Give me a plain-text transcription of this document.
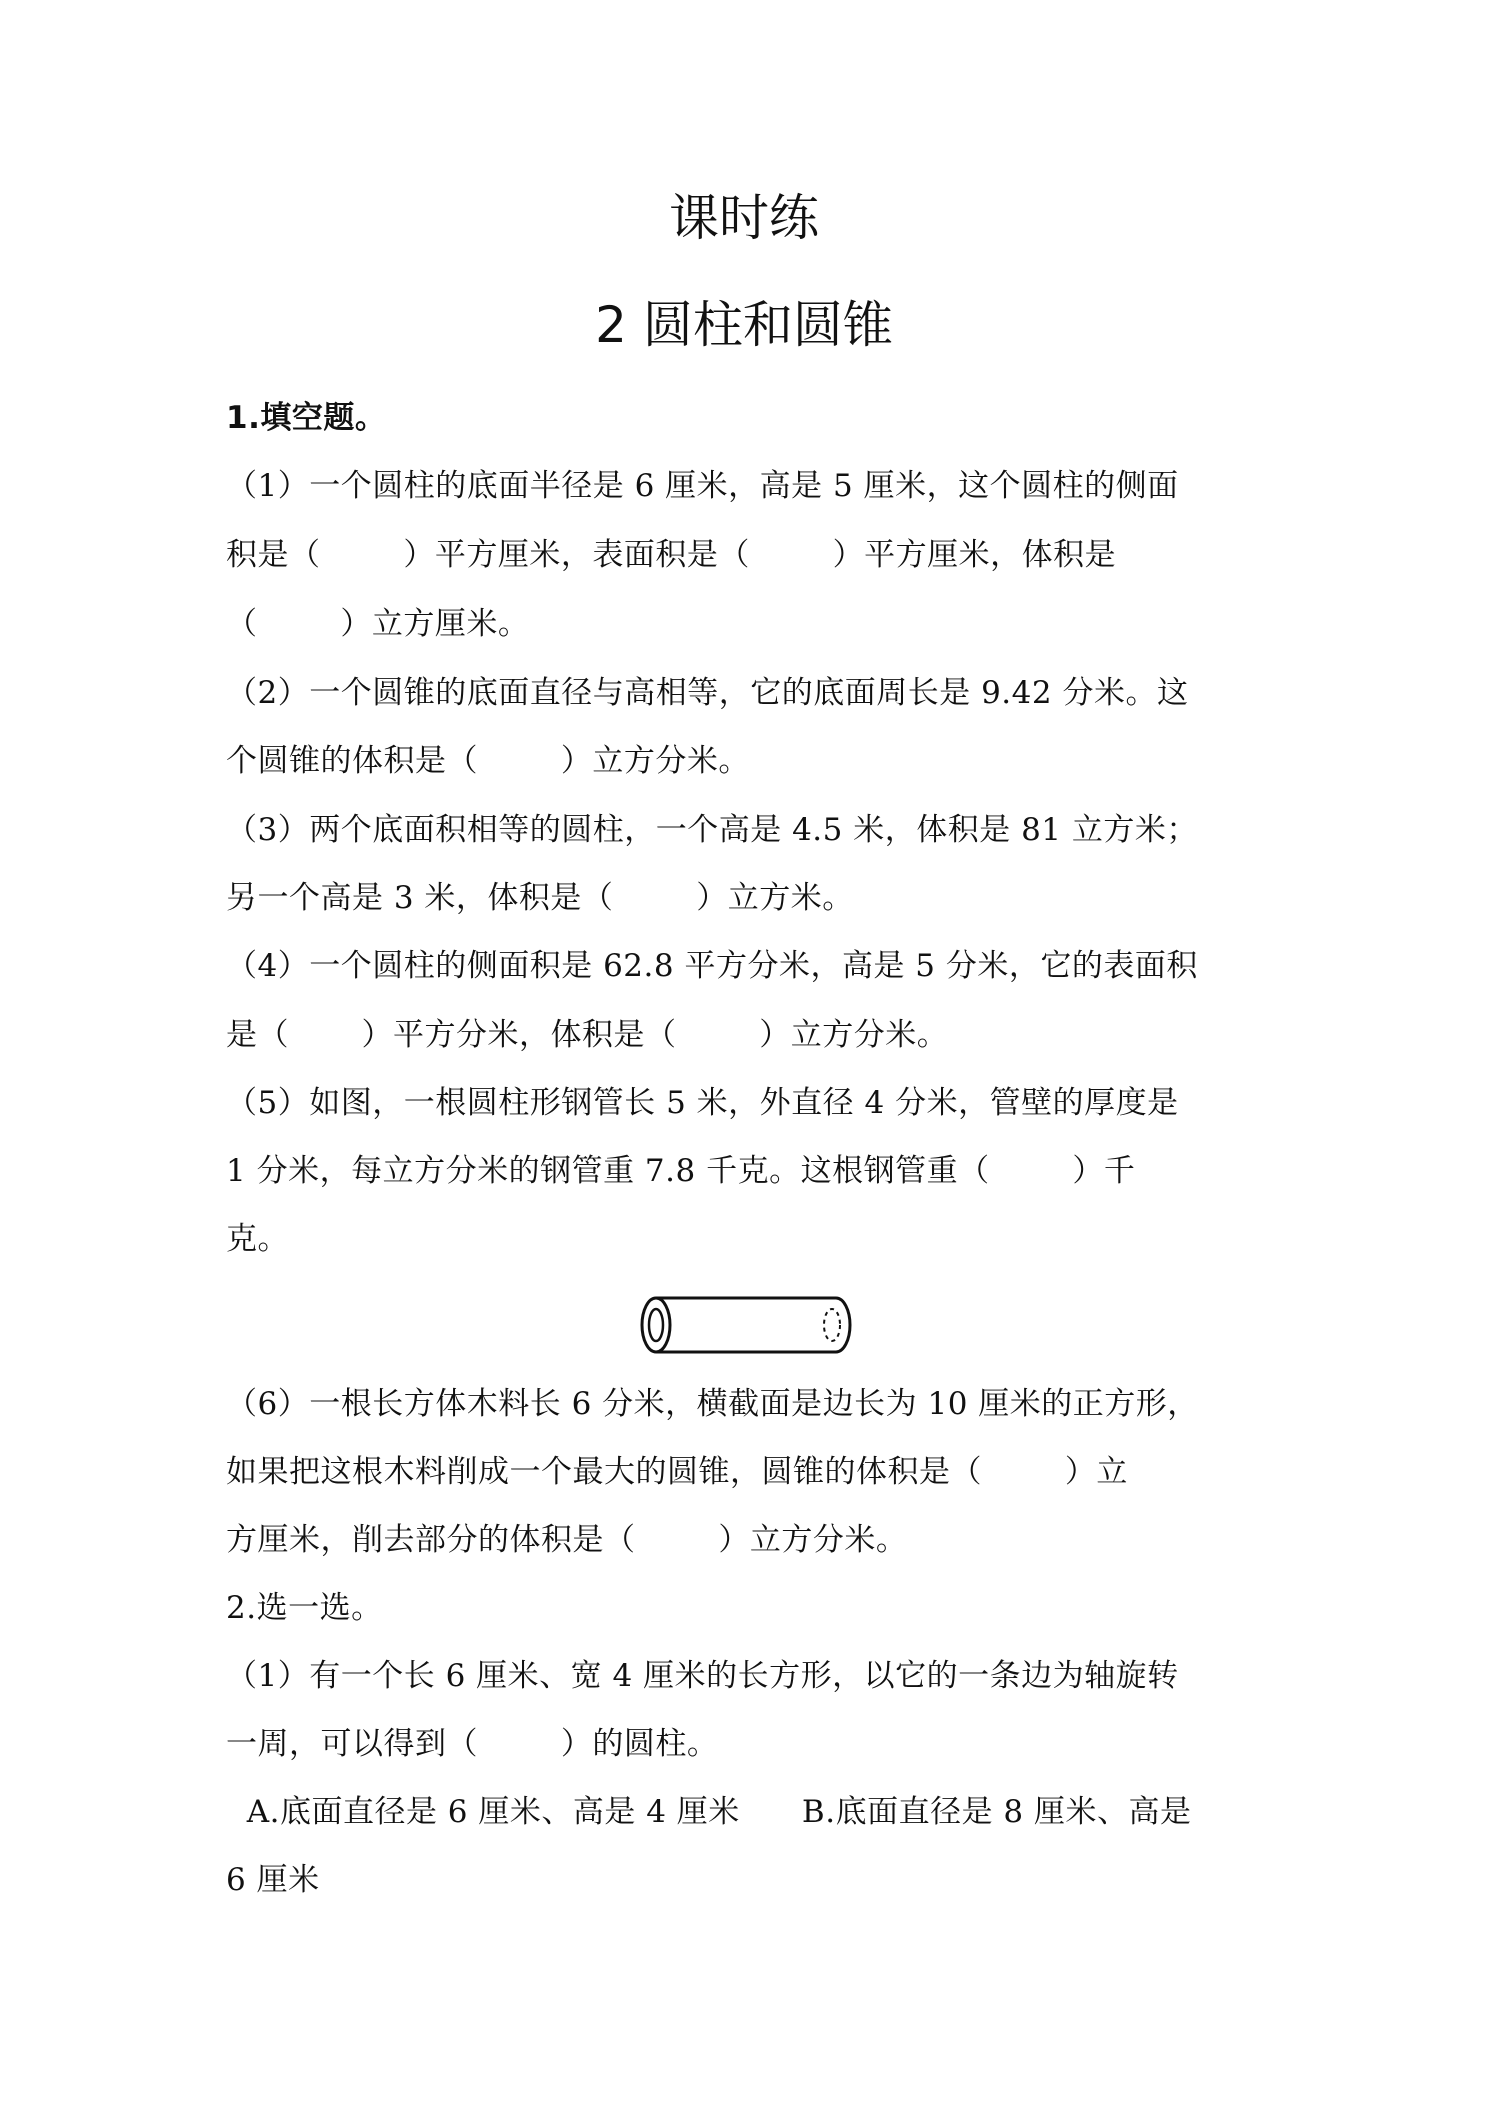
课时练
2 圆柱和圆锥
1.填空题。
（1）一个圆柱的底面半径是 6 厘米，高是 5 厘米，这个圆柱的侧面
积是（        ）平方厘米，表面积是（        ）平方厘米，体积是
（        ）立方厘米。
（2）一个圆锥的底面直径与高相等，它的底面周长是 9.42 分米。这
个圆锥的体积是（        ）立方分米。
（3）两个底面积相等的圆柱，一个高是 4.5 米，体积是 81 立方米；
另一个高是 3 米，体积是（        ）立方米。
（4）一个圆柱的侧面积是 62.8 平方分米，高是 5 分米，它的表面积
是（       ）平方分米，体积是（        ）立方分米。
（5）如图，一根圆柱形钢管长 5 米，外直径 4 分米，管壁的厚度是
1 分米，每立方分米的钢管重 7.8 千克。这根钢管重（        ）千
克。
（6）一根长方体木料长 6 分米，横截面是边长为 10 厘米的正方形，
如果把这根木料削成一个最大的圆锥，圆锥的体积是（        ）立
方厘米，削去部分的体积是（        ）立方分米。
2.选一选。
（1）有一个长 6 厘米、宽 4 厘米的长方形，以它的一条边为轴旋转
一周，可以得到（        ）的圆柱。
A.底面直径是 6 厘米、高是 4 厘米      B.底面直径是 8 厘米、高是
6 厘米
